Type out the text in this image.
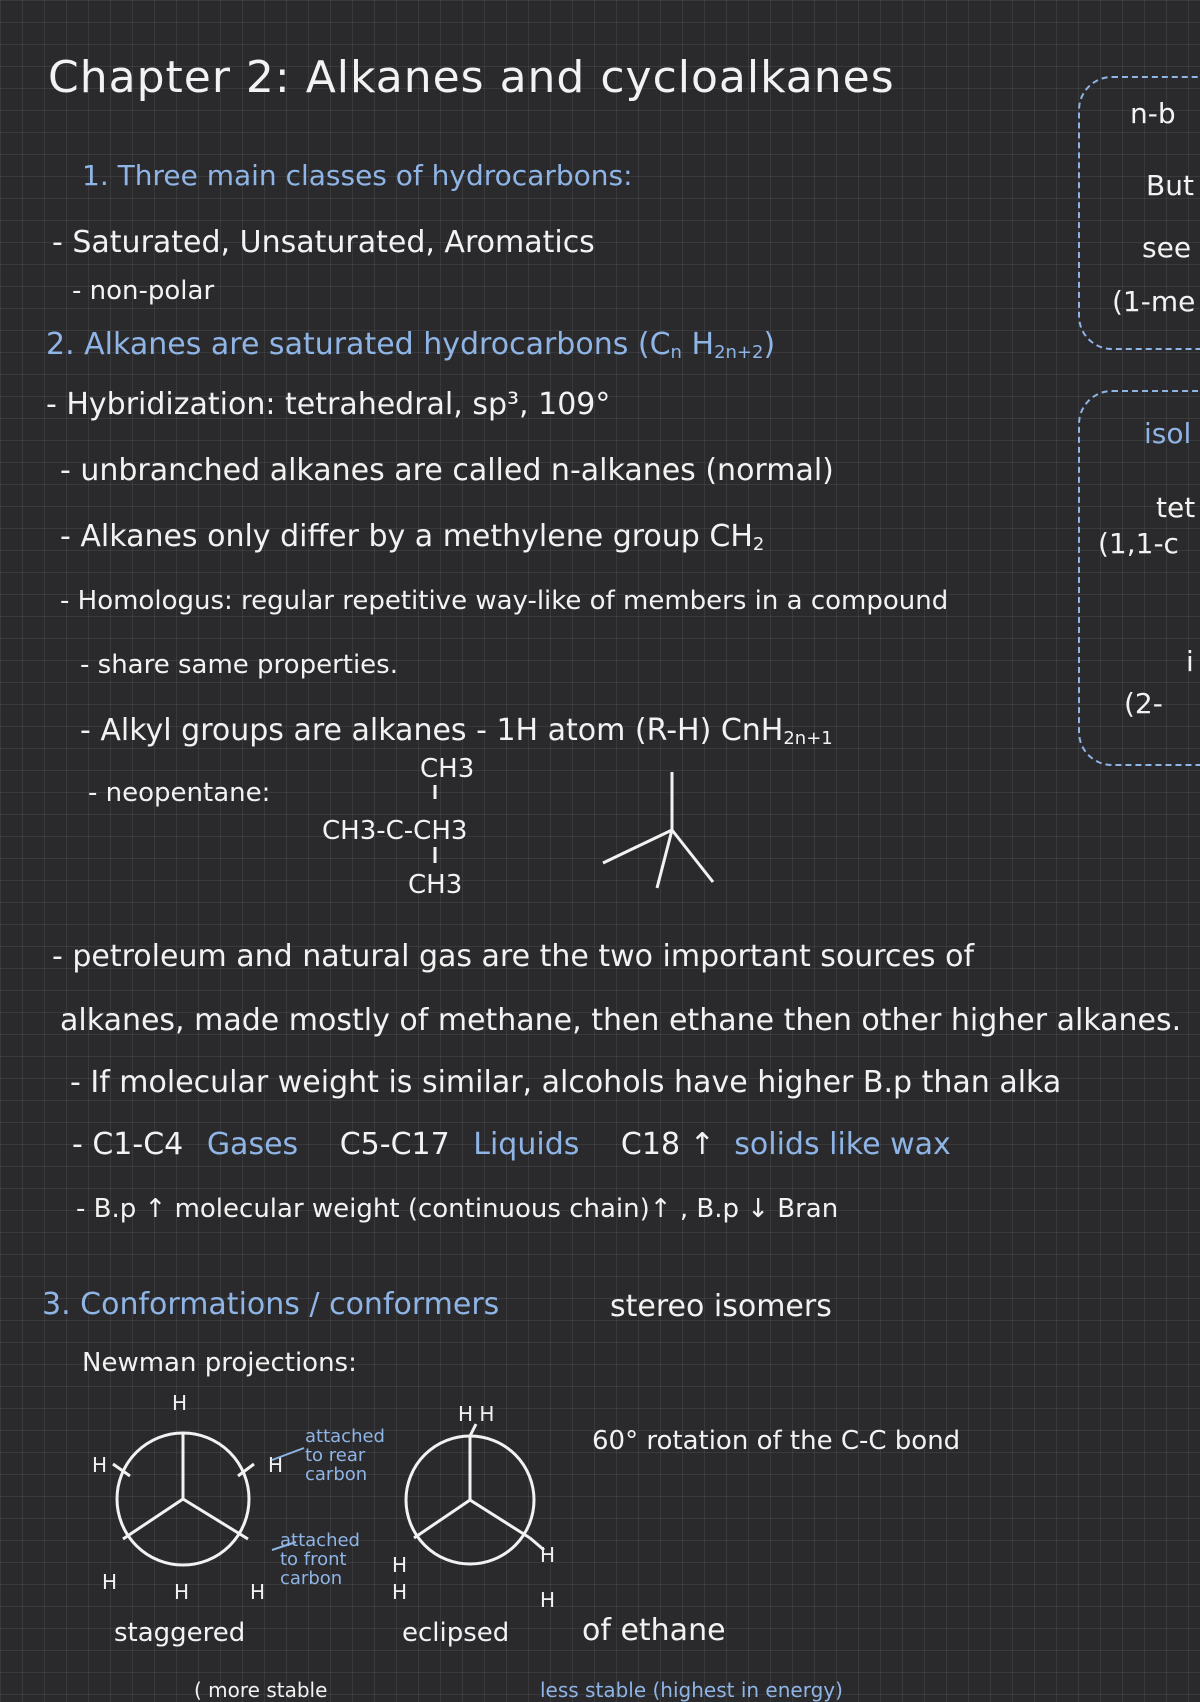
Chapter 2: Alkanes and cycloalkanes
1. Three main classes of hydrocarbons:
- Saturated, Unsaturated, Aromatics
- non-polar
2. Alkanes are saturated hydrocarbons ($C_n$ $H_{2n+2}$)
- Hybridization: tetrahedral, sp³, 109°
- unbranched alkanes are called n-alkanes (normal)
- Alkanes only differ by a methylene group $CH_2$
- Homologus: regular repetitive way-like of members in a compound
- share same properties.
- Alkyl groups are alkanes - 1H atom (R-H) CnH$_{2n+1}$
- neopentane:
CH3
CH3-C-CH3
CH3
- petroleum and natural gas are the two important sources of
alkanes, made mostly of methane, then ethane then other higher alkanes.
- If molecular weight is similar, alcohols have higher B.p than alka
- C1-C4 Gases C5-C17 Liquids C18 ↑ solids like wax
- B.p ↑ molecular weight (continuous chain)↑ , B.p ↓ Bran
3. Conformations / conformers	stereo isomers
Newman projections:
60° rotation of the C-C bond
H
H	H
H	H	H
attached
to rear
carbon
attached
to front
carbon
H H
H
H
H
H
staggered	eclipsed of ethane
( more stable	less stable (highest in energy)
n-b
But
see
(1-me
isol
tet
(1,1-c
i
(2-
